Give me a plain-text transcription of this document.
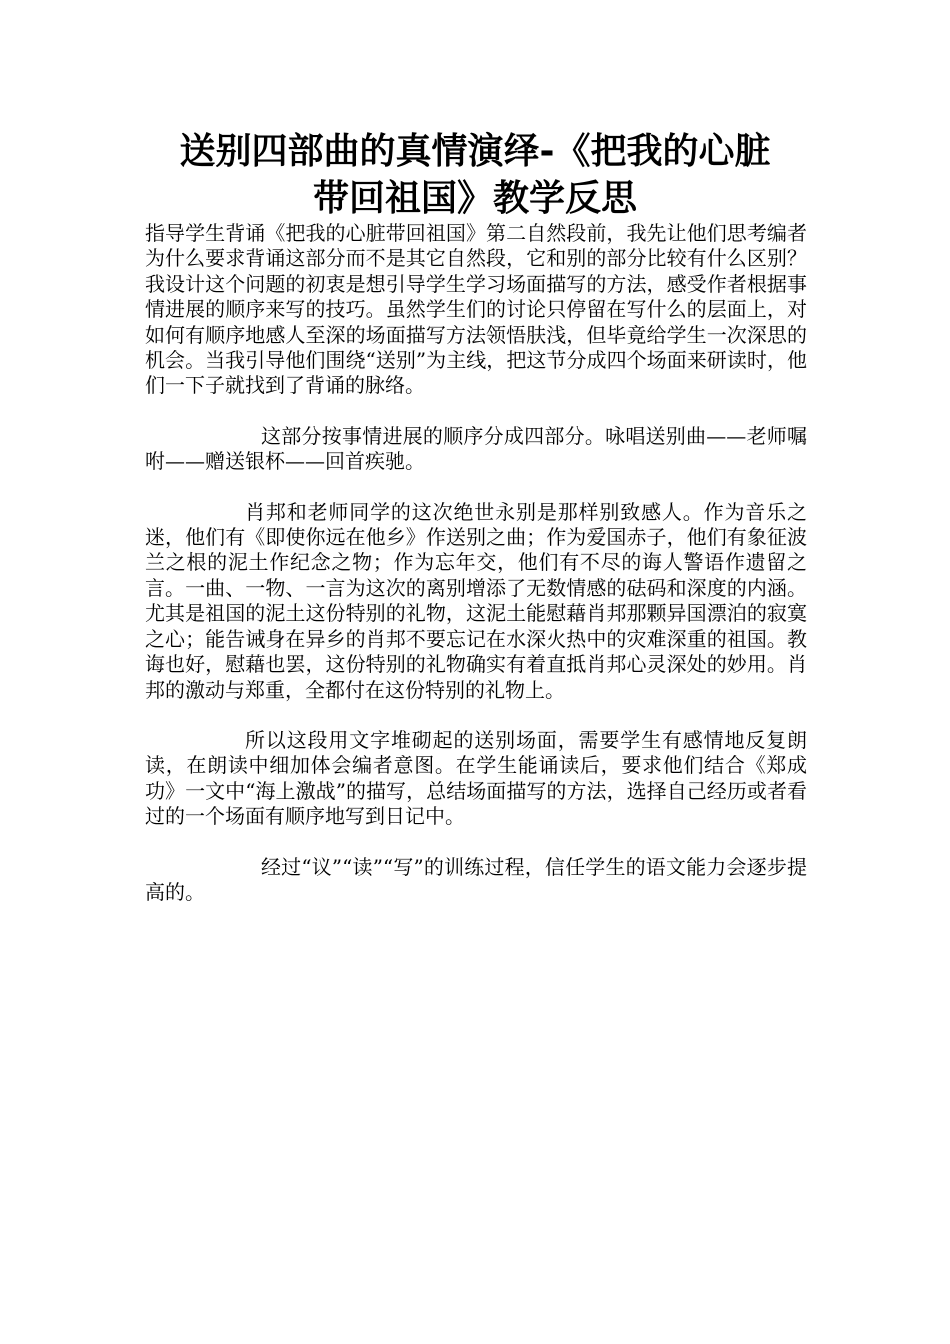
送别四部曲的真情演绎-《把我的心脏
带回祖国》教学反思

指导学生背诵《把我的心脏带回祖国》第二自然段前，我先让他们思考编者为什么要求背诵这部分而不是其它自然段，它和别的部分比较有什么区别？我设计这个问题的初衷是想引导学生学习场面描写的方法，感受作者根据事情进展的顺序来写的技巧。虽然学生们的讨论只停留在写什么的层面上，对如何有顺序地感人至深的场面描写方法领悟肤浅，但毕竟给学生一次深思的机会。当我引导他们围绕“送别”为主线，把这节分成四个场面来研读时，他们一下子就找到了背诵的脉络。

这部分按事情进展的顺序分成四部分。咏唱送别曲——老师嘱咐——赠送银杯——回首疾驰。

肖邦和老师同学的这次绝世永别是那样别致感人。作为音乐之迷，他们有《即使你远在他乡》作送别之曲；作为爱国赤子，他们有象征波兰之根的泥土作纪念之物；作为忘年交，他们有不尽的诲人警语作遗留之言。一曲、一物、一言为这次的离别增添了无数情感的砝码和深度的内涵。尤其是祖国的泥土这份特别的礼物，这泥土能慰藉肖邦那颗异国漂泊的寂寞之心；能告诫身在异乡的肖邦不要忘记在水深火热中的灾难深重的祖国。教诲也好，慰藉也罢，这份特别的礼物确实有着直抵肖邦心灵深处的妙用。肖邦的激动与郑重，全都付在这份特别的礼物上。

所以这段用文字堆砌起的送别场面，需要学生有感情地反复朗读，在朗读中细加体会编者意图。在学生能诵读后，要求他们结合《郑成功》一文中“海上激战”的描写，总结场面描写的方法，选择自己经历或者看过的一个场面有顺序地写到日记中。

经过“议”“读”“写”的训练过程，信任学生的语文能力会逐步提高的。
